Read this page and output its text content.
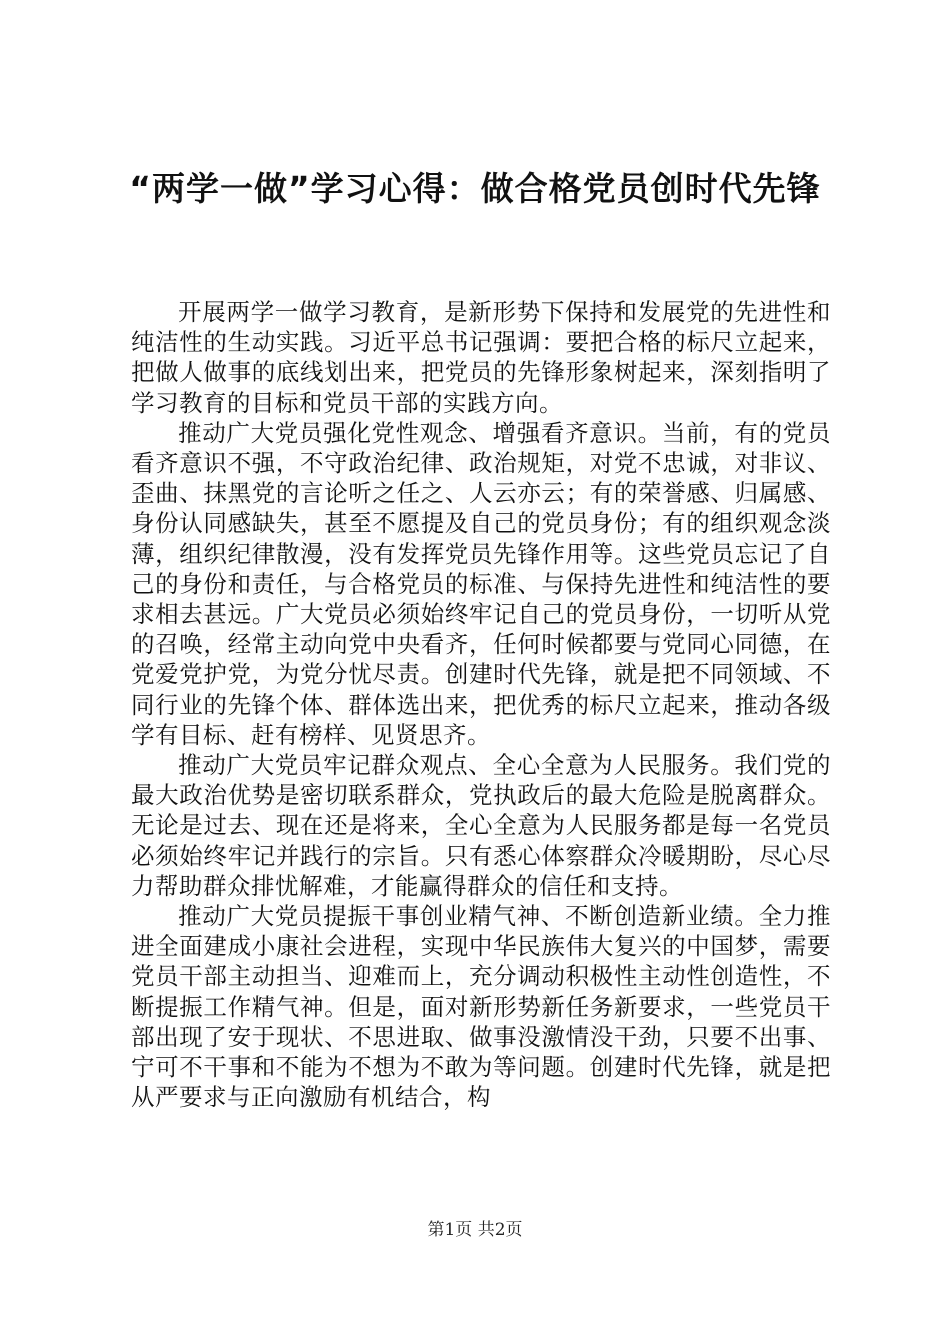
“两学一做”学习心得：做合格党员创时代先锋

开展两学一做学习教育，是新形势下保持和发展党的先进性和纯洁性的生动实践。习近平总书记强调：要把合格的标尺立起来，把做人做事的底线划出来，把党员的先锋形象树起来，深刻指明了学习教育的目标和党员干部的实践方向。

推动广大党员强化党性观念、增强看齐意识。当前，有的党员看齐意识不强，不守政治纪律、政治规矩，对党不忠诚，对非议、歪曲、抹黑党的言论听之任之、人云亦云；有的荣誉感、归属感、身份认同感缺失，甚至不愿提及自己的党员身份；有的组织观念淡薄，组织纪律散漫，没有发挥党员先锋作用等。这些党员忘记了自己的身份和责任，与合格党员的标准、与保持先进性和纯洁性的要求相去甚远。广大党员必须始终牢记自己的党员身份，一切听从党的召唤，经常主动向党中央看齐，任何时候都要与党同心同德，在党爱党护党，为党分忧尽责。创建时代先锋，就是把不同领域、不同行业的先锋个体、群体选出来，把优秀的标尺立起来，推动各级学有目标、赶有榜样、见贤思齐。

推动广大党员牢记群众观点、全心全意为人民服务。我们党的最大政治优势是密切联系群众，党执政后的最大危险是脱离群众。无论是过去、现在还是将来，全心全意为人民服务都是每一名党员必须始终牢记并践行的宗旨。只有悉心体察群众冷暖期盼，尽心尽力帮助群众排忧解难，才能赢得群众的信任和支持。

推动广大党员提振干事创业精气神、不断创造新业绩。全力推进全面建成小康社会进程，实现中华民族伟大复兴的中国梦，需要党员干部主动担当、迎难而上，充分调动积极性主动性创造性，不断提振工作精气神。但是，面对新形势新任务新要求，一些党员干部出现了安于现状、不思进取、做事没激情没干劲，只要不出事、宁可不干事和不能为不想为不敢为等问题。创建时代先锋，就是把从严要求与正向激励有机结合，构

第1页 共2页
